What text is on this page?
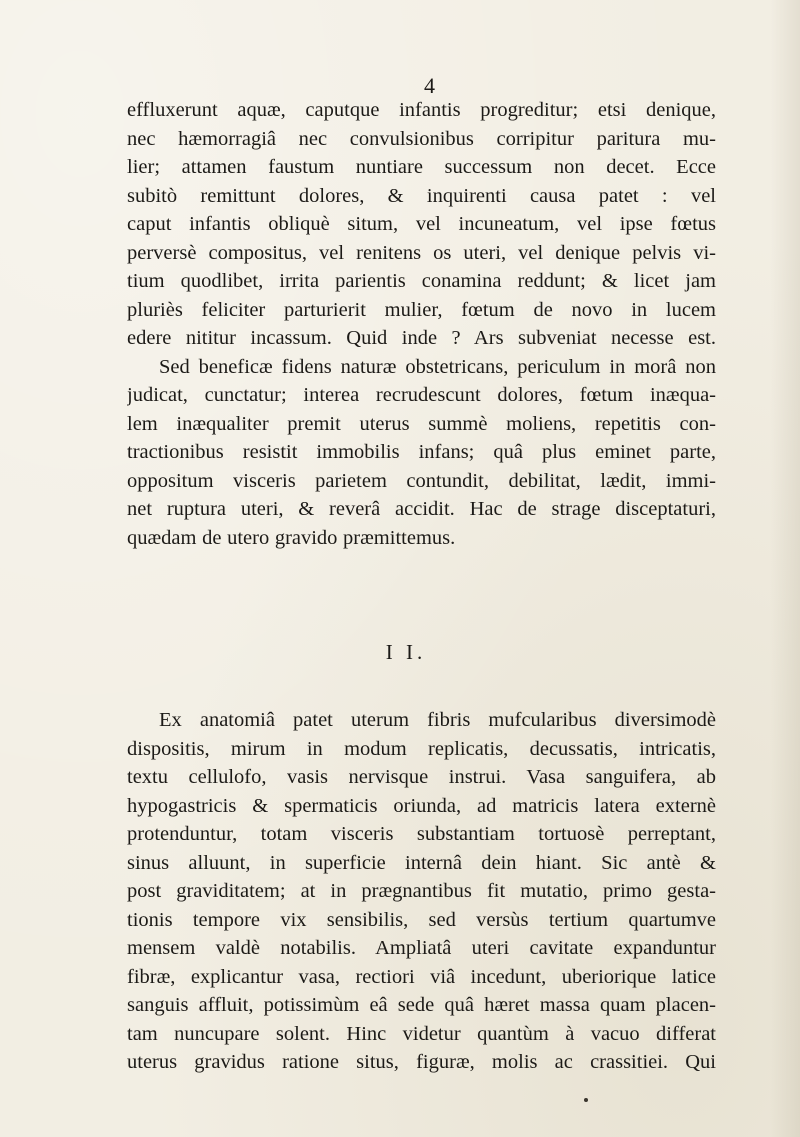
4
effluxerunt aquæ, caputque infantis progreditur; etsi denique,
nec hæmorragiâ nec convulsionibus corripitur paritura mu-
lier; attamen faustum nuntiare successum non decet. Ecce
subitò remittunt dolores, & inquirenti causa patet : vel
caput infantis obliquè situm, vel incuneatum, vel ipse fœtus
perversè compositus, vel renitens os uteri, vel denique pelvis vi-
tium quodlibet, irrita parientis conamina reddunt; & licet jam
pluriès feliciter parturierit mulier, fœtum de novo in lucem
edere nititur incassum. Quid inde ? Ars subveniat necesse est.
Sed beneficæ fidens naturæ obstetricans, periculum in morâ non
judicat, cunctatur; interea recrudescunt dolores, fœtum inæqua-
lem inæqualiter premit uterus summè moliens, repetitis con-
tractionibus resistit immobilis infans; quâ plus eminet parte,
oppositum visceris parietem contundit, debilitat, lædit, immi-
net ruptura uteri, & reverâ accidit. Hac de strage disceptaturi,
quædam de utero gravido præmittemus.
I I.
Ex anatomiâ patet uterum fibris mufcularibus diversimodè
dispositis, mirum in modum replicatis, decussatis, intricatis,
textu cellulofo, vasis nervisque instrui. Vasa sanguifera, ab
hypogastricis & spermaticis oriunda, ad matricis latera externè
protenduntur, totam visceris substantiam tortuosè perreptant,
sinus alluunt, in superficie internâ dein hiant. Sic antè &
post graviditatem; at in prægnantibus fit mutatio, primo gesta-
tionis tempore vix sensibilis, sed versùs tertium quartumve
mensem valdè notabilis. Ampliatâ uteri cavitate expanduntur
fibræ, explicantur vasa, rectiori viâ incedunt, uberiorique latice
sanguis affluit, potissimùm eâ sede quâ hæret massa quam placen-
tam nuncupare solent. Hinc videtur quantùm à vacuo differat
uterus gravidus ratione situs, figuræ, molis ac crassitiei. Qui
